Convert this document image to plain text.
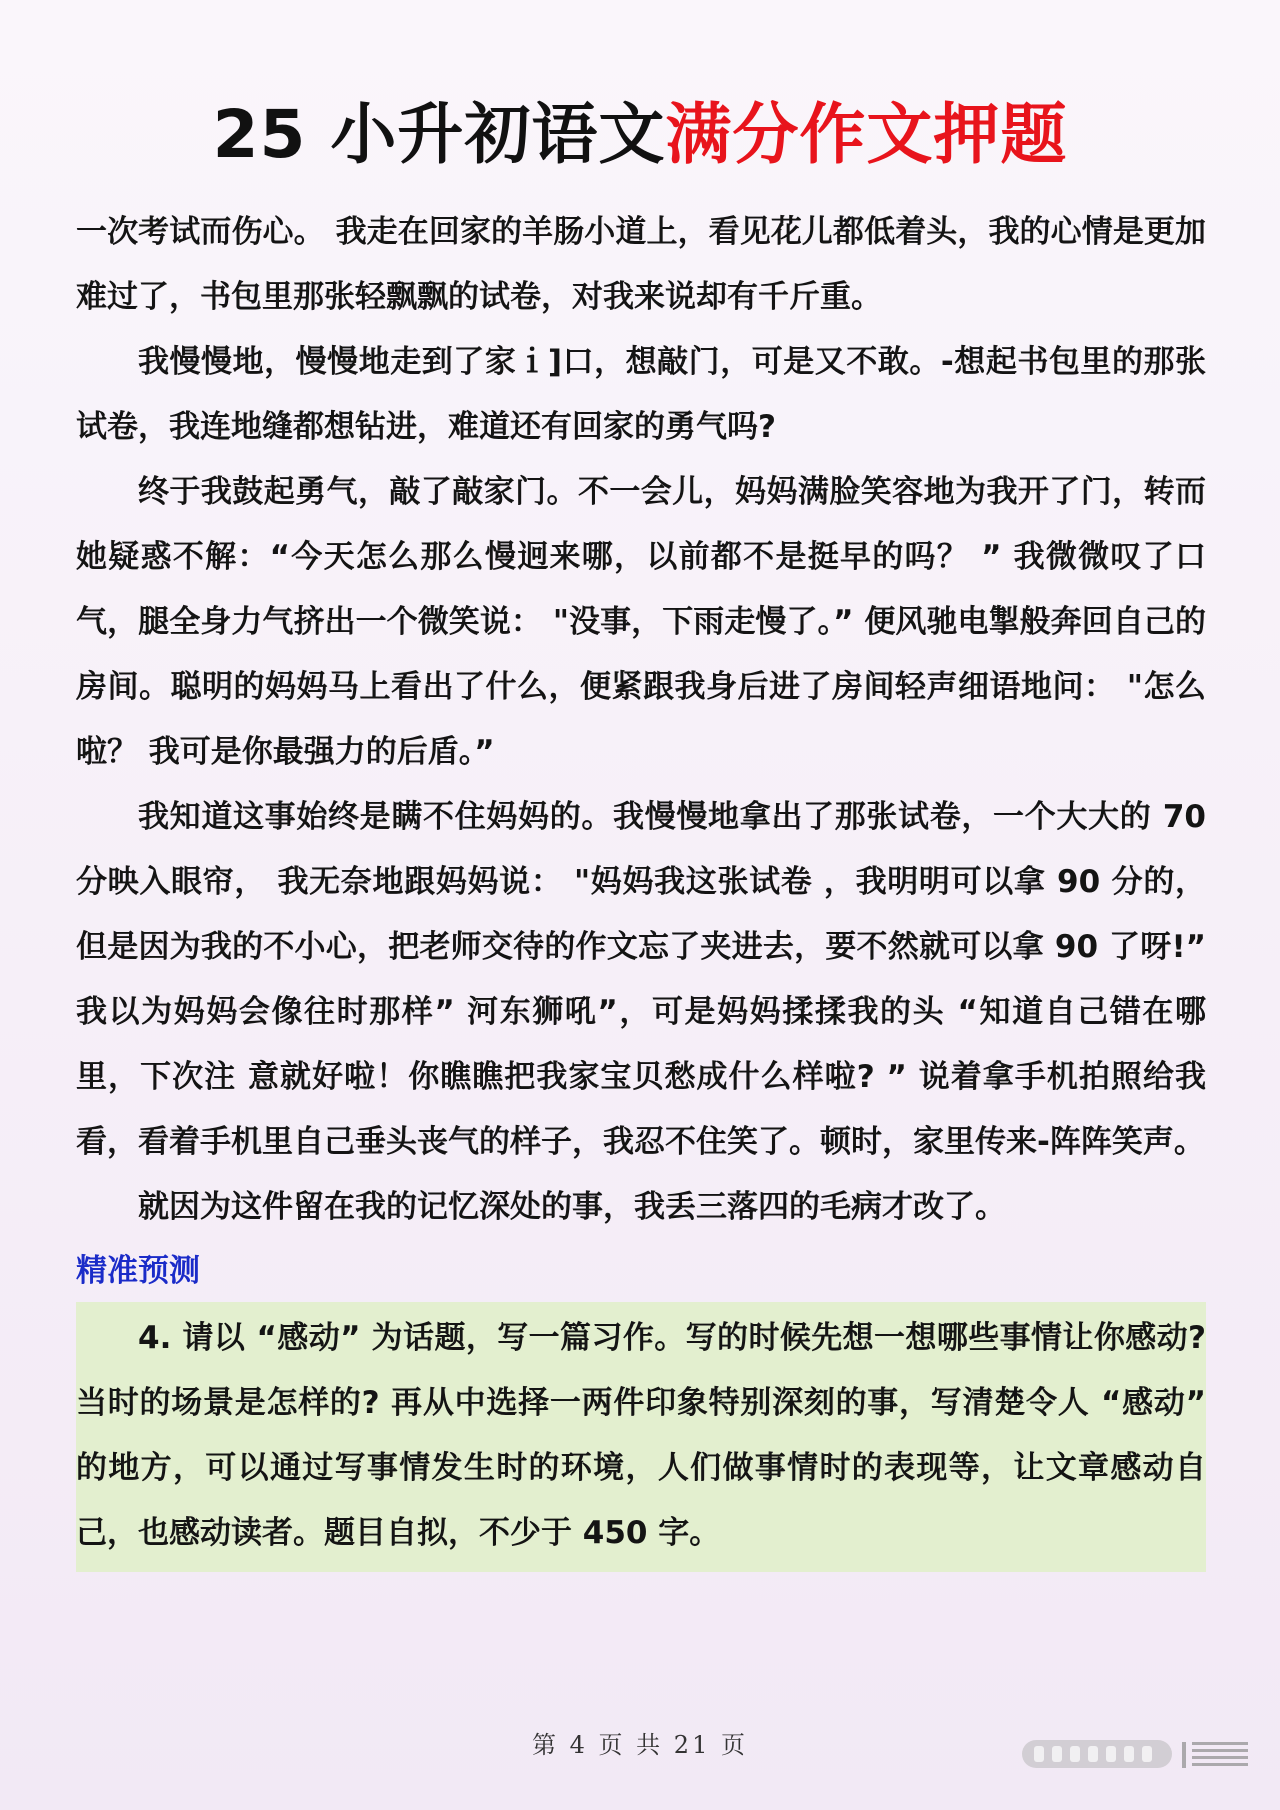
25 小升初语文满分作文押题

一次考试而伤心。 我走在回家的羊肠小道上，看见花儿都低着头，我的心情是更加难过了，书包里那张轻飘飘的试卷，对我来说却有千斤重。

我慢慢地，慢慢地走到了家ｉ]口，想敲门，可是又不敢。-想起书包里的那张试卷，我连地缝都想钻进，难道还有回家的勇气吗?

终于我鼓起勇气，敲了敲家门。不一会儿，妈妈满脸笑容地为我开了门，转而她疑惑不解：“今天怎么那么慢迥来哪，以前都不是挺早的吗？ ” 我微微叹了口气，腿全身力气挤出一个微笑说： "没事，下雨走慢了。” 便风驰电掣般奔回自己的房间。聪明的妈妈马上看出了什么，便紧跟我身后进了房间轻声细语地问： "怎么啦？ 我可是你最强力的后盾。”

我知道这事始终是瞒不住妈妈的。我慢慢地拿出了那张试卷，一个大大的 70 分映入眼帘， 我无奈地跟妈妈说： "妈妈我这张试卷 ，我明明可以拿 90 分的，但是因为我的不小心，把老师交待的作文忘了夹进去，要不然就可以拿 90 了呀!” 我以为妈妈会像往时那样” 河东狮吼”，可是妈妈揉揉我的头 “知道自己错在哪里，下次注 意就好啦！你瞧瞧把我家宝贝愁成什么样啦? ” 说着拿手机拍照给我看，看着手机里自己垂头丧气的样子，我忍不住笑了。顿时，家里传来-阵阵笑声。

就因为这件留在我的记忆深处的事，我丢三落四的毛病才改了。

精准预测

4. 请以 “感动” 为话题，写一篇习作。写的时候先想一想哪些事情让你感动? 当时的场景是怎样的? 再从中选择一两件印象特别深刻的事，写清楚令人 “感动” 的地方，可以通过写事情发生时的环境，人们做事情时的表现等，让文章感动自己，也感动读者。题目自拟，不少于 450 字。

第 4 页 共 21 页
